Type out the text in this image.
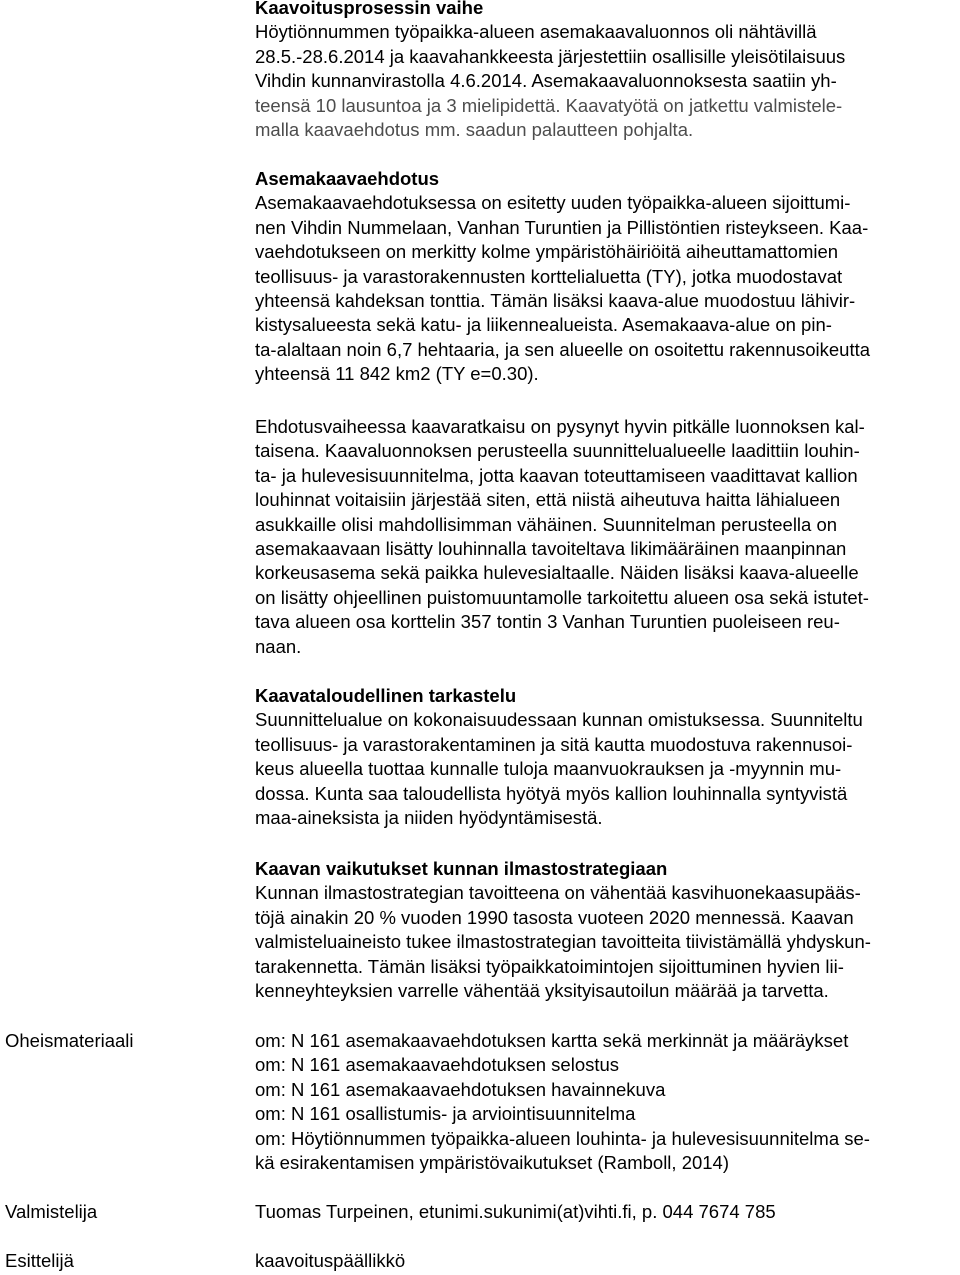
Kaavoitusprosessin vaihe
Höytiönnummen työpaikka-alueen asemakaavaluonnos oli nähtävillä
28.5.-28.6.2014 ja kaavahankkeesta järjestettiin osallisille yleisötilaisuus
Vihdin kunnanvirastolla 4.6.2014. Asemakaavaluonnoksesta saatiin yh-
teensä 10 lausuntoa ja 3 mielipidettä. Kaavatyötä on jatkettu valmistele-
malla kaavaehdotus mm. saadun palautteen pohjalta.
Asemakaavaehdotus
Asemakaavaehdotuksessa on esitetty uuden työpaikka-alueen sijoittumi-
nen Vihdin Nummelaan, Vanhan Turuntien ja Pillistöntien risteykseen. Kaa-
vaehdotukseen on merkitty kolme ympäristöhäiriöitä aiheuttamattomien
teollisuus- ja varastorakennusten korttelialuetta (TY), jotka muodostavat
yhteensä kahdeksan tonttia. Tämän lisäksi kaava-alue muodostuu lähivir-
kistysalueesta sekä katu- ja liikennealueista. Asemakaava-alue on pin-
ta-alaltaan noin 6,7 hehtaaria, ja sen alueelle on osoitettu rakennusoikeutta
yhteensä 11 842 km2 (TY e=0.30).
Ehdotusvaiheessa kaavaratkaisu on pysynyt hyvin pitkälle luonnoksen kal-
taisena. Kaavaluonnoksen perusteella suunnittelualueelle laadittiin louhin-
ta- ja hulevesisuunnitelma, jotta kaavan toteuttamiseen vaadittavat kallion
louhinnat voitaisiin järjestää siten, että niistä aiheutuva haitta lähialueen
asukkaille olisi mahdollisimman vähäinen. Suunnitelman perusteella on
asemakaavaan lisätty louhinnalla tavoiteltava likimääräinen maanpinnan
korkeusasema sekä paikka hulevesialtaalle. Näiden lisäksi kaava-alueelle
on lisätty ohjeellinen puistomuuntamolle tarkoitettu alueen osa sekä istutet-
tava alueen osa korttelin 357 tontin 3 Vanhan Turuntien puoleiseen reu-
naan.
Kaavataloudellinen tarkastelu
Suunnittelualue on kokonaisuudessaan kunnan omistuksessa. Suunniteltu
teollisuus- ja varastorakentaminen ja sitä kautta muodostuva rakennusoi-
keus alueella tuottaa kunnalle tuloja maanvuokrauksen ja -myynnin mu-
dossa. Kunta saa taloudellista hyötyä myös kallion louhinnalla syntyvistä
maa-aineksista ja niiden hyödyntämisestä.
Kaavan vaikutukset kunnan ilmastostrategiaan
Kunnan ilmastostrategian tavoitteena on vähentää kasvihuonekaasupääs-
töjä ainakin 20 % vuoden 1990 tasosta vuoteen 2020 mennessä. Kaavan
valmisteluaineisto tukee ilmastostrategian tavoitteita tiivistämällä yhdyskun-
tarakennetta. Tämän lisäksi työpaikkatoimintojen sijoittuminen hyvien lii-
kenneyhteyksien varrelle vähentää yksityisautoilun määrää ja tarvetta.
Oheismateriaali	om: N 161 asemakaavaehdotuksen kartta sekä merkinnät ja määräykset
om: N 161 asemakaavaehdotuksen selostus
om: N 161 asemakaavaehdotuksen havainnekuva
om: N 161 osallistumis- ja arviointisuunnitelma
om: Höytiönnummen työpaikka-alueen louhinta- ja hulevesisuunnitelma se-
kä esirakentamisen ympäristövaikutukset (Ramboll, 2014)
Valmistelija	Tuomas Turpeinen, etunimi.sukunimi(at)vihti.fi, p. 044 7674 785
Esittelijä	kaavoituspäällikkö
